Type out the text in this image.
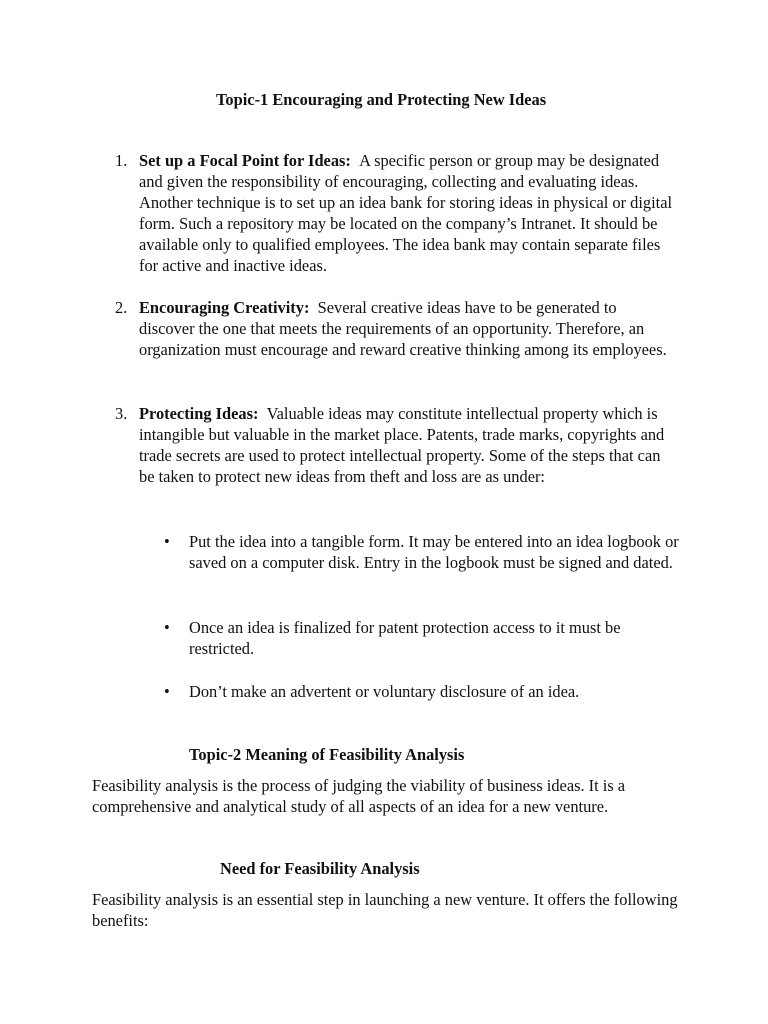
Topic-1 Encouraging and Protecting New Ideas
1. Set up a Focal Point for Ideas: A specific person or group may be designated and given the responsibility of encouraging, collecting and evaluating ideas. Another technique is to set up an idea bank for storing ideas in physical or digital form. Such a repository may be located on the company’s Intranet. It should be available only to qualified employees. The idea bank may contain separate files for active and inactive ideas.
2. Encouraging Creativity: Several creative ideas have to be generated to discover the one that meets the requirements of an opportunity. Therefore, an organization must encourage and reward creative thinking among its employees.
3. Protecting Ideas: Valuable ideas may constitute intellectual property which is intangible but valuable in the market place. Patents, trade marks, copyrights and trade secrets are used to protect intellectual property. Some of the steps that can be taken to protect new ideas from theft and loss are as under:
• Put the idea into a tangible form. It may be entered into an idea logbook or saved on a computer disk. Entry in the logbook must be signed and dated.
• Once an idea is finalized for patent protection access to it must be restricted.
• Don’t make an advertent or voluntary disclosure of an idea.
Topic-2 Meaning of Feasibility Analysis
Feasibility analysis is the process of judging the viability of business ideas. It is a comprehensive and analytical study of all aspects of an idea for a new venture.
Need for Feasibility Analysis
Feasibility analysis is an essential step in launching a new venture. It offers the following benefits:
